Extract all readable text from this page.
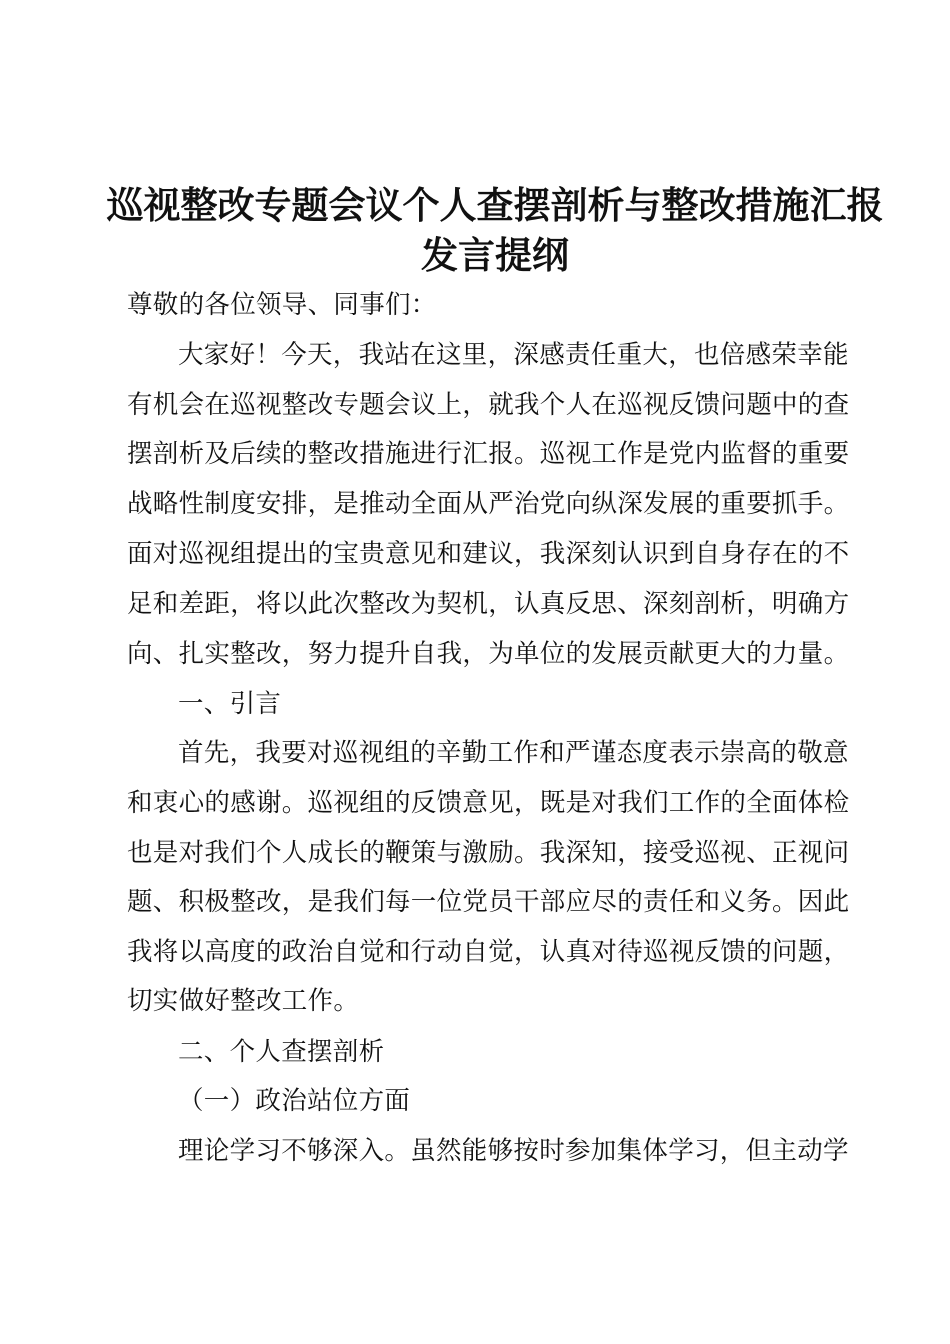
巡视整改专题会议个人查摆剖析与整改措施汇报
发言提纲
尊敬的各位领导、同事们：
大家好！今天，我站在这里，深感责任重大，也倍感荣幸能
有机会在巡视整改专题会议上，就我个人在巡视反馈问题中的查
摆剖析及后续的整改措施进行汇报。巡视工作是党内监督的重要
战略性制度安排，是推动全面从严治党向纵深发展的重要抓手。
面对巡视组提出的宝贵意见和建议，我深刻认识到自身存在的不
足和差距，将以此次整改为契机，认真反思、深刻剖析，明确方
向、扎实整改，努力提升自我，为单位的发展贡献更大的力量。
一、引言
首先，我要对巡视组的辛勤工作和严谨态度表示崇高的敬意
和衷心的感谢。巡视组的反馈意见，既是对我们工作的全面体检
也是对我们个人成长的鞭策与激励。我深知，接受巡视、正视问
题、积极整改，是我们每一位党员干部应尽的责任和义务。因此
我将以高度的政治自觉和行动自觉，认真对待巡视反馈的问题，
切实做好整改工作。
二、个人查摆剖析
（一）政治站位方面
理论学习不够深入。虽然能够按时参加集体学习，但主动学
